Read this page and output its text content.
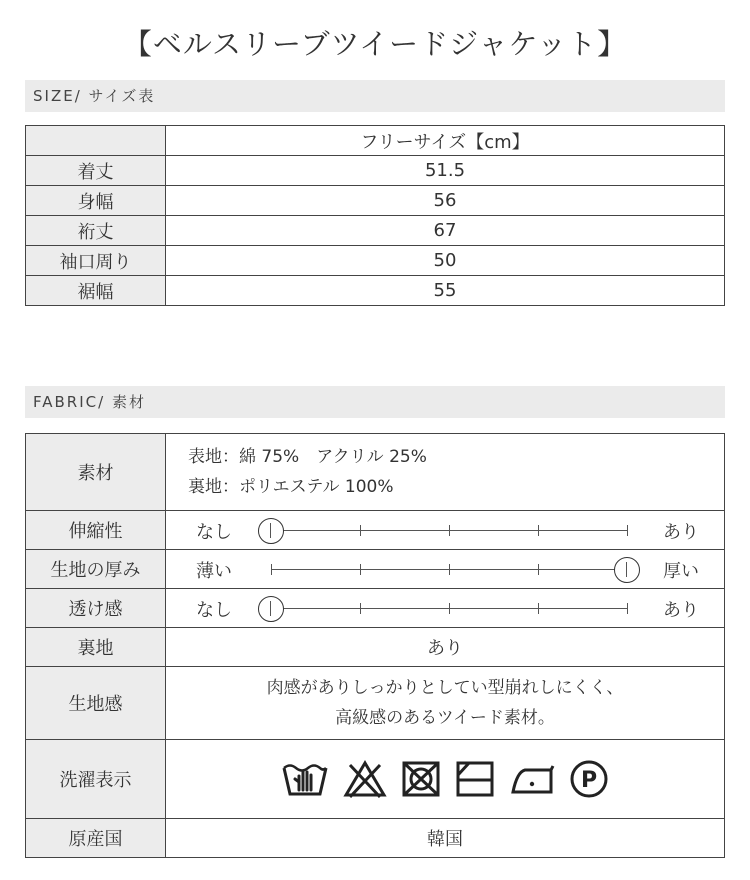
【ベルスリーブツイードジャケット】
SIZE/ サイズ表
	フリーサイズ【cm】
着丈	51.5
身幅	56
裄丈	67
袖口周り	50
裾幅	55
FABRIC/ 素材
素材	表地：綿 75%　アクリル 25%
裏地：ポリエステル 100%

伸縮性	なし あり

生地の厚み	薄い 厚い

透け感	なし あり

裏地	あり
生地感	肉感がありしっかりとしてい型崩れしにくく、
高級感のあるツイード素材。

洗濯表示	P

原産国	韓国
